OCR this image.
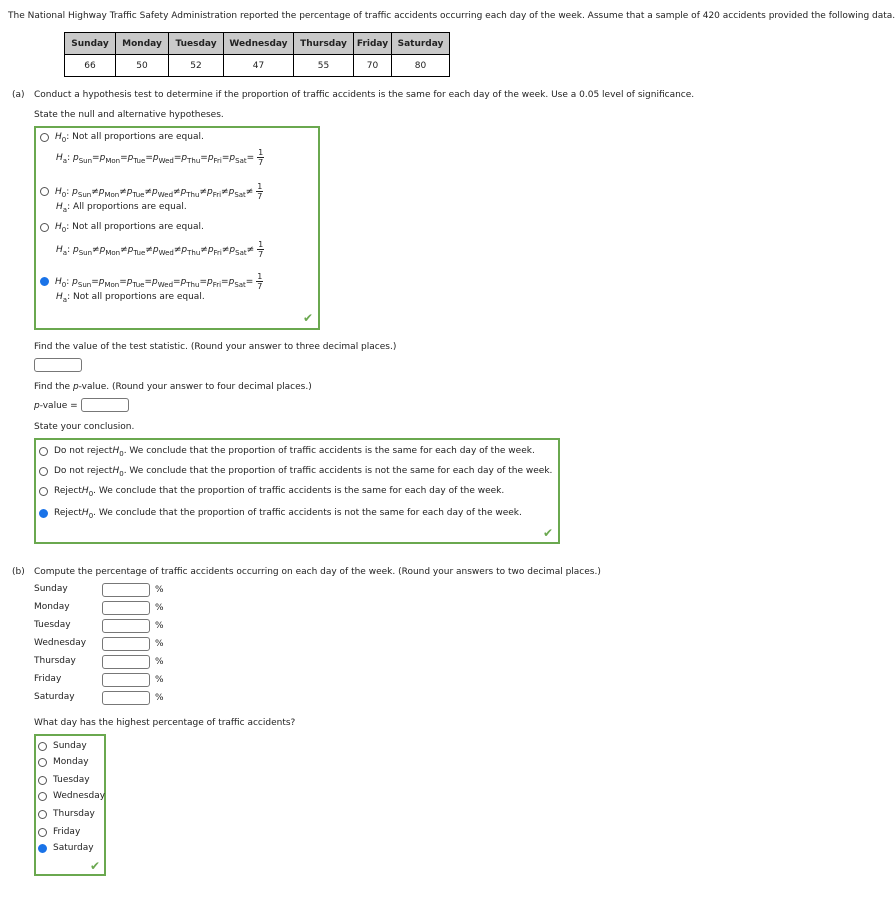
The National Highway Traffic Safety Administration reported the percentage of traffic accidents occurring each day of the week. Assume that a sample of 420 accidents provided the following data.
Sunday	Monday	Tuesday	Wednesday	Thursday	Friday	Saturday
66	50	52	47	55	70	80
(a) Conduct a hypothesis test to determine if the proportion of traffic accidents is the same for each day of the week. Use a 0.05 level of significance.
State the null and alternative hypotheses.
H 0 :
Not all proportions are equal.
H a :
p Sun = p Mon = p Tue = p Wed = p Thu = p Fri = p Sat = $\frac{1}{7}$
H 0 :
p Sun ≠ p Mon ≠ p Tue ≠ p Wed ≠ p Thu ≠ p Fri ≠ p Sat ≠ $\frac{1}{7}$
H a :
All proportions are equal.
H 0 :
Not all proportions are equal.
H a :
p Sun ≠ p Mon ≠ p Tue ≠ p Wed ≠ p Thu ≠ p Fri ≠ p Sat ≠ $\frac{1}{7}$
H 0 :
p Sun = p Mon = p Tue = p Wed = p Thu = p Fri = p Sat = $\frac{1}{7}$
H a :
Not all proportions are equal.
✔
Find the value of the test statistic. (Round your answer to three decimal places.)
Find the p-value. (Round your answer to four decimal places.)
p-value =
State your conclusion.
Do not reject H 0 . We conclude that the proportion of traffic accidents is the same for each day of the week.
Do not reject H 0 . We conclude that the proportion of traffic accidents is not the same for each day of the week.
Reject H 0 . We conclude that the proportion of traffic accidents is the same for each day of the week.
Reject H 0 . We conclude that the proportion of traffic accidents is not the same for each day of the week.
✔
(b) Compute the percentage of traffic accidents occurring on each day of the week. (Round your answers to two decimal places.)
Sunday	%
Monday	%
Tuesday	%
Wednesday	%
Thursday	%
Friday	%
Saturday	%
What day has the highest percentage of traffic accidents?
Sunday
Monday
Tuesday
Wednesday
Thursday
Friday
Saturday
✔
